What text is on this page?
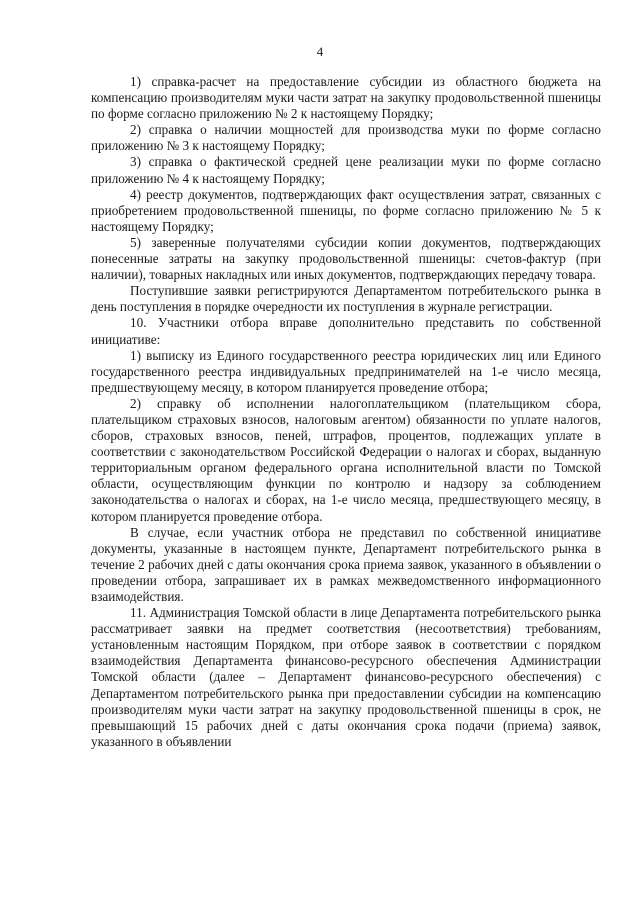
4

1) справка-расчет на предоставление субсидии из областного бюджета на компенсацию производителям муки части затрат на закупку продовольственной пшеницы по форме согласно приложению № 2 к настоящему Порядку;

2) справка о наличии мощностей для производства муки по форме согласно приложению № 3 к настоящему Порядку;

3) справка о фактической средней цене реализации муки по форме согласно приложению № 4 к настоящему Порядку;

4) реестр документов, подтверждающих факт осуществления затрат, связанных с приобретением продовольственной пшеницы, по форме согласно приложению № 5 к настоящему Порядку;

5) заверенные получателями субсидии копии документов, подтверждающих понесенные затраты на закупку продовольственной пшеницы: счетов-фактур (при наличии), товарных накладных или иных документов, подтверждающих передачу товара.

Поступившие заявки регистрируются Департаментом потребительского рынка в день поступления в порядке очередности их поступления в журнале регистрации.

10. Участники отбора вправе дополнительно представить по собственной инициативе:

1) выписку из Единого государственного реестра юридических лиц или Единого государственного реестра индивидуальных предпринимателей на 1-е число месяца, предшествующему месяцу, в котором планируется проведение отбора;

2) справку об исполнении налогоплательщиком (плательщиком сбора, плательщиком страховых взносов, налоговым агентом) обязанности по уплате налогов, сборов, страховых взносов, пеней, штрафов, процентов, подлежащих уплате в соответствии с законодательством Российской Федерации о налогах и сборах, выданную территориальным органом федерального органа исполнительной власти по Томской области, осуществляющим функции по контролю и надзору за соблюдением законодательства о налогах и сборах, на 1-е число месяца, предшествующего месяцу, в котором планируется проведение отбора.

В случае, если участник отбора не представил по собственной инициативе документы, указанные в настоящем пункте, Департамент потребительского рынка в течение 2 рабочих дней с даты окончания срока приема заявок, указанного в объявлении о проведении отбора, запрашивает их в рамках межведомственного информационного взаимодействия.

11. Администрация Томской области в лице Департамента потребительского рынка рассматривает заявки на предмет соответствия (несоответствия) требованиям, установленным настоящим Порядком, при отборе заявок в соответствии с порядком взаимодействия Департамента финансово-ресурсного обеспечения Администрации Томской области (далее – Департамент финансово-ресурсного обеспечения) с Департаментом потребительского рынка при предоставлении субсидии на компенсацию производителям муки части затрат на закупку продовольственной пшеницы в срок, не превышающий 15 рабочих дней с даты окончания срока подачи (приема) заявок, указанного в объявлении
